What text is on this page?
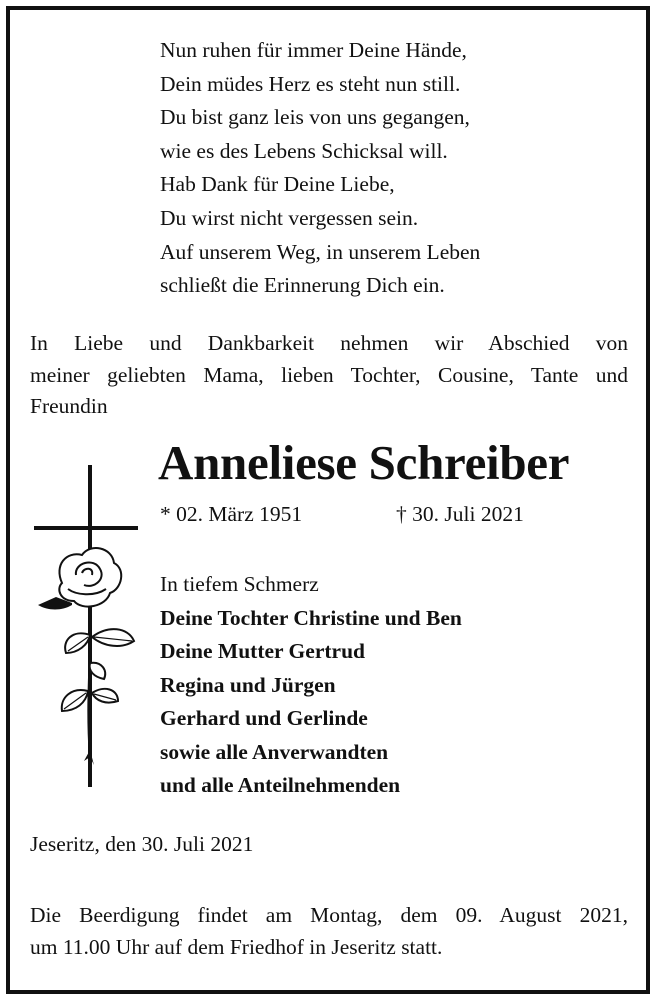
Nun ruhen für immer Deine Hände,
Dein müdes Herz es steht nun still.
Du bist ganz leis von uns gegangen,
wie es des Lebens Schicksal will.
Hab Dank für Deine Liebe,
Du wirst nicht vergessen sein.
Auf unserem Weg, in unserem Leben
schließt die Erinnerung Dich ein.
In Liebe und Dankbarkeit nehmen wir Abschied von
meiner geliebten Mama, lieben Tochter, Cousine, Tante und
Freundin
Anneliese Schreiber
* 02. März 1951	† 30. Juli 2021
In tiefem Schmerz
Deine Tochter Christine und Ben
Deine Mutter Gertrud
Regina und Jürgen
Gerhard und Gerlinde
sowie alle Anverwandten
und alle Anteilnehmenden
Jeseritz, den 30. Juli 2021
Die Beerdigung findet am Montag, dem 09. August 2021,
um 11.00 Uhr auf dem Friedhof in Jeseritz statt.
